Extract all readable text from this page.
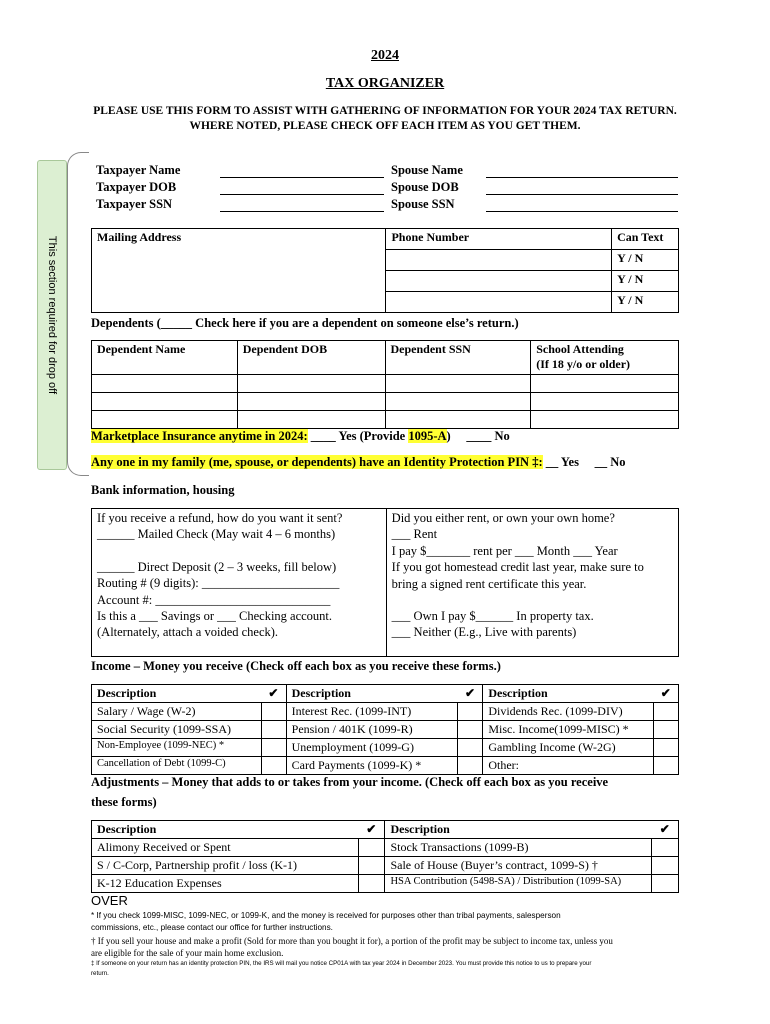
2024
TAX ORGANIZER
PLEASE USE THIS FORM TO ASSIST WITH GATHERING OF INFORMATION FOR YOUR 2024 TAX RETURN. WHERE NOTED, PLEASE CHECK OFF EACH ITEM AS YOU GET THEM.
This section required for drop off
Taxpayer Name
Taxpayer DOB
Taxpayer SSN
Spouse Name
Spouse DOB
Spouse SSN
Mailing Address	Phone Number	Can Text
		Y / N
		Y / N
		Y / N
Dependents (_____ Check here if you are a dependent on someone else’s return.)
Dependent Name	Dependent DOB	Dependent SSN	School Attending
(If 18 y/o or older)

Marketplace Insurance anytime in 2024: ____ Yes (Provide 1095-A)     ____ No
Any one in my family (me, spouse, or dependents) have an Identity Protection PIN ‡: __ Yes     __ No
Bank information, housing
If you receive a refund, how do you want it sent?
______ Mailed Check (May wait 4 – 6 months)
______ Direct Deposit (2 – 3 weeks, fill below)
Routing # (9 digits): ______________________
Account #: ____________________________
Is this a ___ Savings or ___ Checking account.
(Alternately, attach a voided check).

Did you either rent, or own your own home?
___ Rent
I pay $_______ rent per ___ Month ___ Year
If you got homestead credit last year, make sure to
bring a signed rent certificate this year.
___ Own I pay $______ In property tax.
___ Neither (E.g., Live with parents)
Income – Money you receive (Check off each box as you receive these forms.)
Description	✔	Description	✔	Description	✔
Salary / Wage (W-2)		Interest Rec. (1099-INT)		Dividends Rec. (1099-DIV)	
Social Security (1099-SSA)		Pension / 401K (1099-R)		Misc. Income(1099-MISC) *	
Non-Employee (1099-NEC) *		Unemployment (1099-G)		Gambling Income (W-2G)	
Cancellation of Debt (1099-C)		Card Payments (1099-K) *		Other:	
Adjustments – Money that adds to or takes from your income. (Check off each box as you receive
these forms)
Description	✔	Description	✔
Alimony Received or Spent		Stock Transactions (1099-B)	
S / C-Corp, Partnership profit / loss (K-1)		Sale of House (Buyer’s contract, 1099-S) †	
K-12 Education Expenses		HSA Contribution (5498-SA) / Distribution (1099-SA)	
OVER
* If you check 1099-MISC, 1099-NEC, or 1099-K, and the money is received for purposes other than tribal payments, salesperson
commissions, etc., please contact our office for further instructions.
† If you sell your house and make a profit (Sold for more than you bought it for), a portion of the profit may be subject to income tax, unless you
are eligible for the sale of your main home exclusion.
‡ If someone on your return has an identity protection PIN, the IRS will mail you notice CP01A with tax year 2024 in December 2023. You must provide this notice to us to prepare your
return.
